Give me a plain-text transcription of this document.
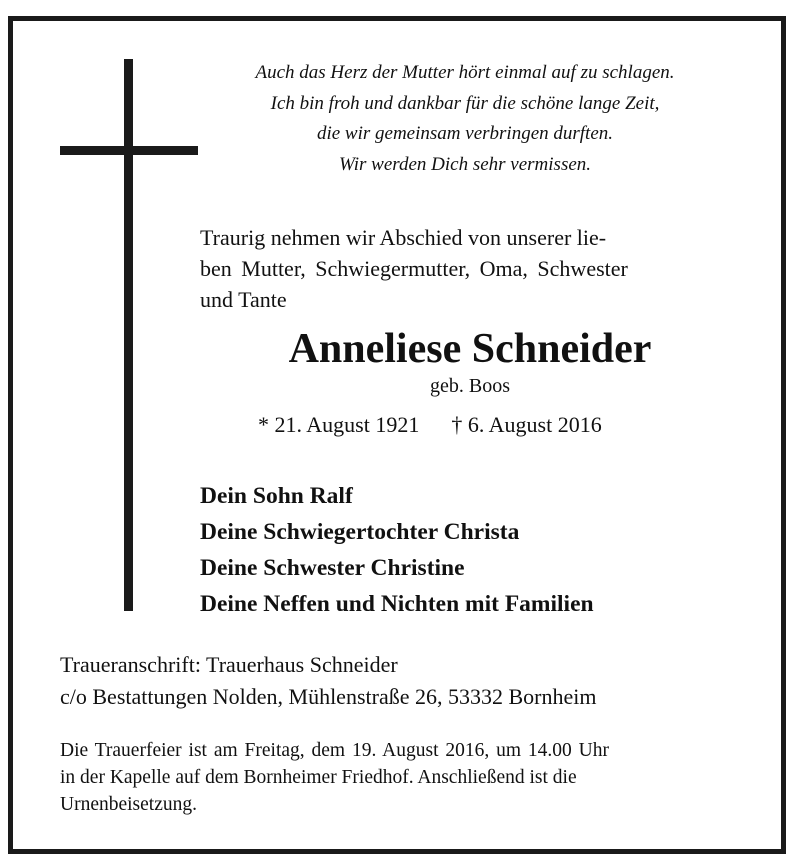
Auch das Herz der Mutter hört einmal auf zu schlagen.
Ich bin froh und dankbar für die schöne lange Zeit,
die wir gemeinsam verbringen durften.
Wir werden Dich sehr vermissen.
Traurig nehmen wir Abschied von unserer lie-
ben Mutter, Schwiegermutter, Oma, Schwester
und Tante
Anneliese Schneider
geb. Boos
* 21. August 1921 † 6. August 2016
Dein Sohn Ralf
Deine Schwiegertochter Christa
Deine Schwester Christine
Deine Neffen und Nichten mit Familien
Traueranschrift: Trauerhaus Schneider
c/o Bestattungen Nolden, Mühlenstraße 26, 53332 Bornheim
Die Trauerfeier ist am Freitag, dem 19. August 2016, um 14.00 Uhr
in der Kapelle auf dem Bornheimer Friedhof. Anschließend ist die
Urnenbeisetzung.
